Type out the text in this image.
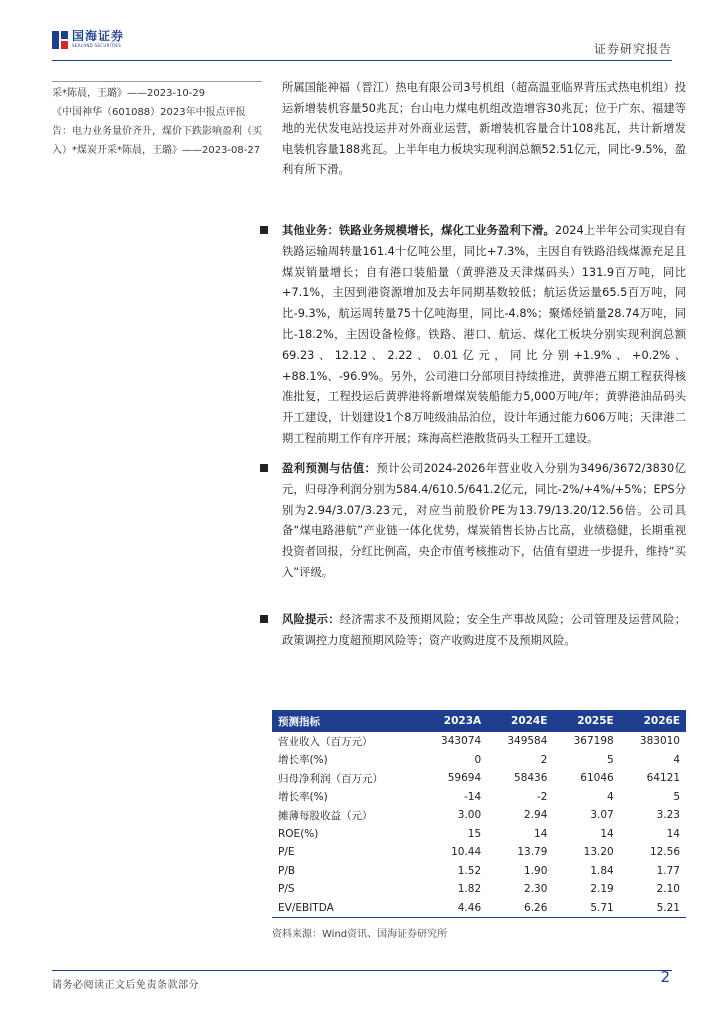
国海证券
SEALAND SECURITIES	证券研究报告

采*陈晨，王璐》——2023-10-29

《中国神华（601088）2023年中报点评报告：电力业务量价齐升，煤价下跌影响盈利（买入）*煤炭开采*陈晨，王璐》——2023-08-27

所属国能神福（晋江）热电有限公司3号机组（超高温亚临界背压式热电机组）投运新增装机容量50兆瓦；台山电力煤电机组改造增容30兆瓦；位于广东、福建等地的光伏发电站投运并对外商业运营，新增装机容量合计108兆瓦，共计新增发电装机容量188兆瓦。上半年电力板块实现利润总额52.51亿元，同比-9.5%，盈利有所下滑。

其他业务：铁路业务规模增长，煤化工业务盈利下滑。2024上半年公司实现自有铁路运输周转量161.4十亿吨公里，同比+7.3%，主因自有铁路沿线煤源充足且煤炭销量增长；自有港口装船量（黄骅港及天津煤码头）131.9百万吨，同比+7.1%，主因到港资源增加及去年同期基数较低；航运货运量65.5百万吨，同比-9.3%，航运周转量75十亿吨海里，同比-4.8%；聚烯烃销量28.74万吨，同比-18.2%，主因设备检修。铁路、港口、航运、煤化工板块分别实现利润总额69.23、12.12、2.22、0.01亿元，同比分别+1.9%、+0.2%、+88.1%、-96.9%。另外，公司港口分部项目持续推进，黄骅港五期工程获得核准批复，工程投运后黄骅港将新增煤炭装船能力5,000万吨/年；黄骅港油品码头开工建设，计划建设1个8万吨级油品泊位，设计年通过能力606万吨；天津港二期工程前期工作有序开展；珠海高栏港散货码头工程开工建设。
盈利预测与估值：预计公司2024-2026年营业收入分别为3496/3672/3830亿元，归母净利润分别为584.4/610.5/641.2亿元，同比-2%/+4%/+5%；EPS分别为2.94/3.07/3.23元，对应当前股价PE为13.79/13.20/12.56倍。公司具备“煤电路港航”产业链一体化优势，煤炭销售长协占比高，业绩稳健，长期重视投资者回报，分红比例高，央企市值考核推动下，估值有望进一步提升，维持“买入”评级。
风险提示：经济需求不及预期风险；安全生产事故风险；公司管理及运营风险；政策调控力度超预期风险等；资产收购进度不及预期风险。
预测指标	2023A	2024E	2025E	2026E
营业收入（百万元）	343074	349584	367198	383010
增长率(%)	0	2	5	4
归母净利润（百万元）	59694	58436	61046	64121
增长率(%)	-14	-2	4	5
摊薄每股收益（元）	3.00	2.94	3.07	3.23
ROE(%)	15	14	14	14
P/E	10.44	13.79	13.20	12.56
P/B	1.52	1.90	1.84	1.77
P/S	1.82	2.30	2.19	2.10
EV/EBITDA	4.46	6.26	5.71	5.21
资料来源：Wind资讯、国海证券研究所
请务必阅读正文后免责条款部分	2
